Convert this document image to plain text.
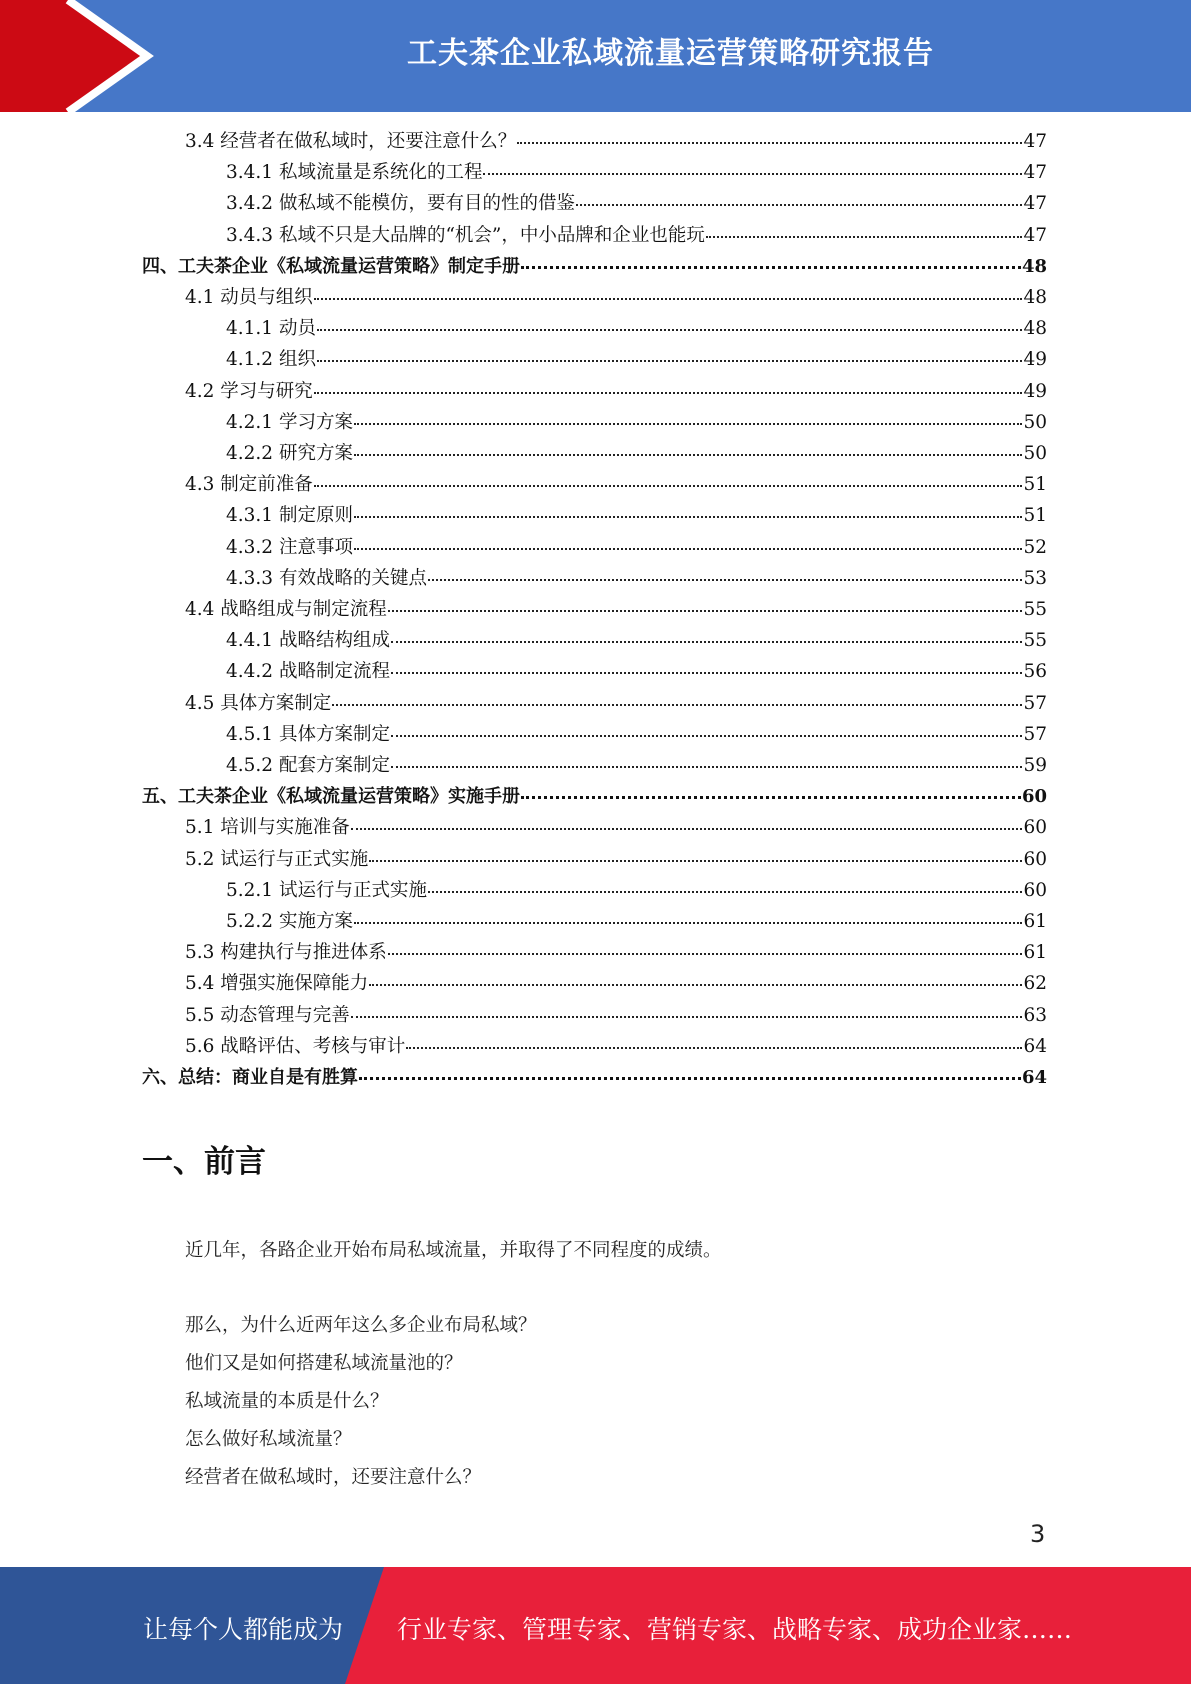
工夫茶企业私域流量运营策略研究报告
3.4 经营者在做私域时，还要注意什么？	47
3.4.1 私域流量是系统化的工程	47
3.4.2 做私域不能模仿，要有目的性的借鉴	47
3.4.3 私域不只是大品牌的“机会”，中小品牌和企业也能玩	47
四、工夫茶企业《私域流量运营策略》制定手册	48
4.1 动员与组织	48
4.1.1 动员	48
4.1.2 组织	49
4.2 学习与研究	49
4.2.1 学习方案	50
4.2.2 研究方案	50
4.3 制定前准备	51
4.3.1 制定原则	51
4.3.2 注意事项	52
4.3.3 有效战略的关键点	53
4.4 战略组成与制定流程	55
4.4.1 战略结构组成	55
4.4.2 战略制定流程	56
4.5 具体方案制定	57
4.5.1 具体方案制定	57
4.5.2 配套方案制定	59
五、工夫茶企业《私域流量运营策略》实施手册	60
5.1 培训与实施准备	60
5.2 试运行与正式实施	60
5.2.1 试运行与正式实施	60
5.2.2 实施方案	61
5.3 构建执行与推进体系	61
5.4 增强实施保障能力	62
5.5 动态管理与完善	63
5.6 战略评估、考核与审计	64
六、总结：商业自是有胜算	64
一、前言
近几年，各路企业开始布局私域流量，并取得了不同程度的成绩。
那么，为什么近两年这么多企业布局私域？
他们又是如何搭建私域流量池的？
私域流量的本质是什么？
怎么做好私域流量？
经营者在做私域时，还要注意什么？
3
让每个人都能成为 行业专家、管理专家、营销专家、战略专家、成功企业家……
